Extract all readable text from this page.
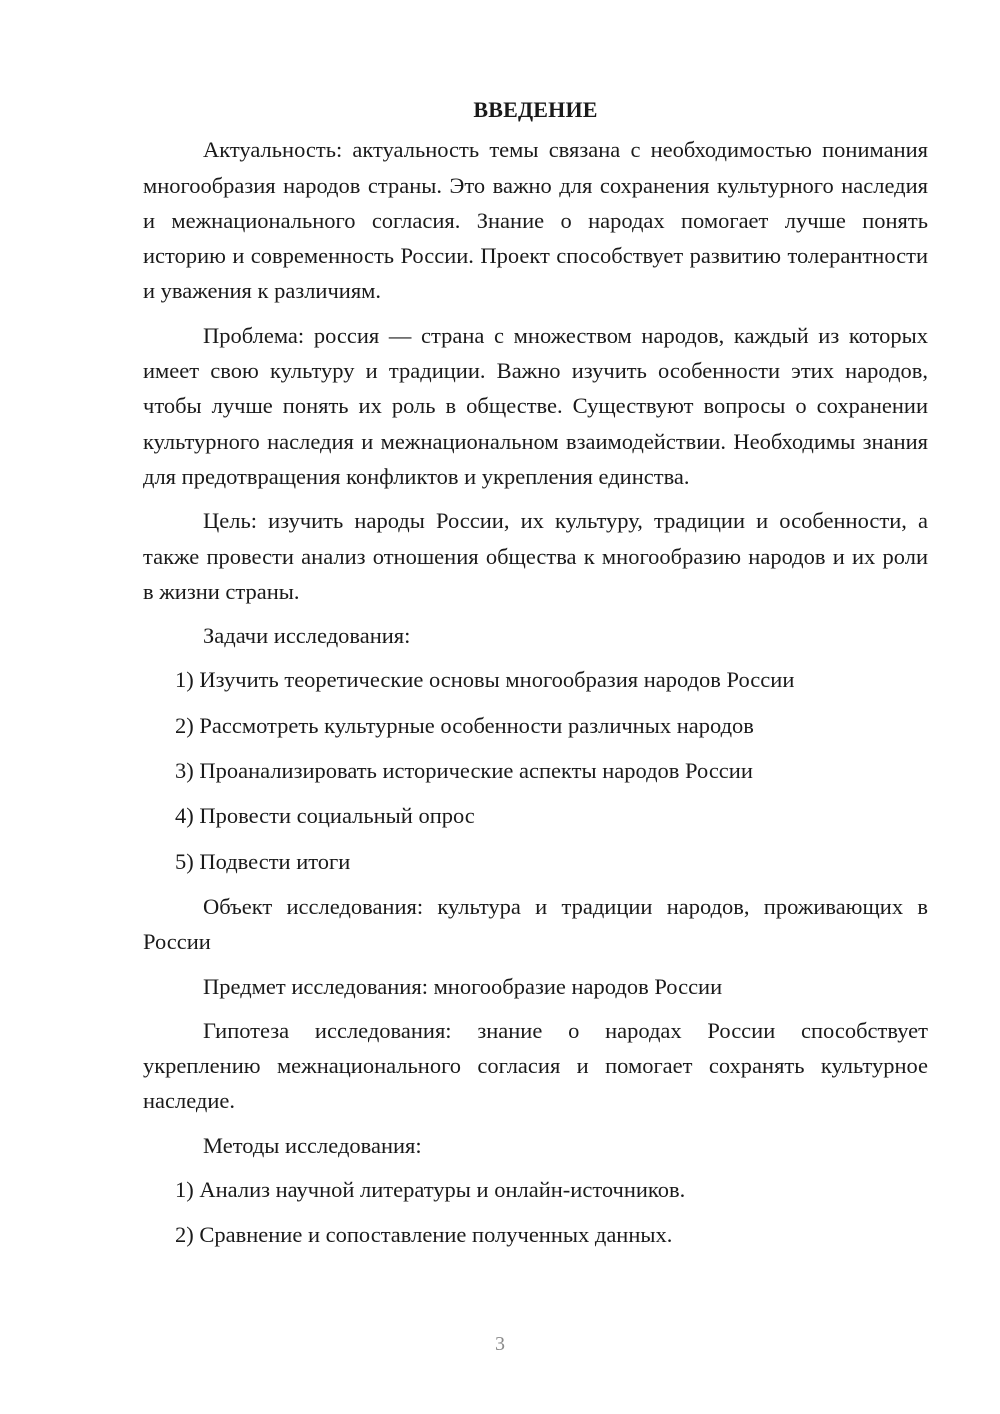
ВВЕДЕНИЕ

Актуальность: актуальность темы связана с необходимостью понимания многообразия народов страны. Это важно для сохранения культурного наследия и межнационального согласия. Знание о народах помогает лучше понять историю и современность России. Проект способствует развитию толерантности и уважения к различиям.

Проблема: россия — страна с множеством народов, каждый из которых имеет свою культуру и традиции. Важно изучить особенности этих народов, чтобы лучше понять их роль в обществе. Существуют вопросы о сохранении культурного наследия и межнациональном взаимодействии. Необходимы знания для предотвращения конфликтов и укрепления единства.

Цель: изучить народы России, их культуру, традиции и особенности, а также провести анализ отношения общества к многообразию народов и их роли в жизни страны.

Задачи исследования:

1) Изучить теоретические основы многообразия народов России

2) Рассмотреть культурные особенности различных народов

3) Проанализировать исторические аспекты народов России

4) Провести социальный опрос

5) Подвести итоги

Объект исследования: культура и традиции народов, проживающих в России

Предмет исследования: многообразие народов России

Гипотеза исследования: знание о народах России способствует укреплению межнационального согласия и помогает сохранять культурное наследие.

Методы исследования:

1) Анализ научной литературы и онлайн-источников.

2) Сравнение и сопоставление полученных данных.

3
